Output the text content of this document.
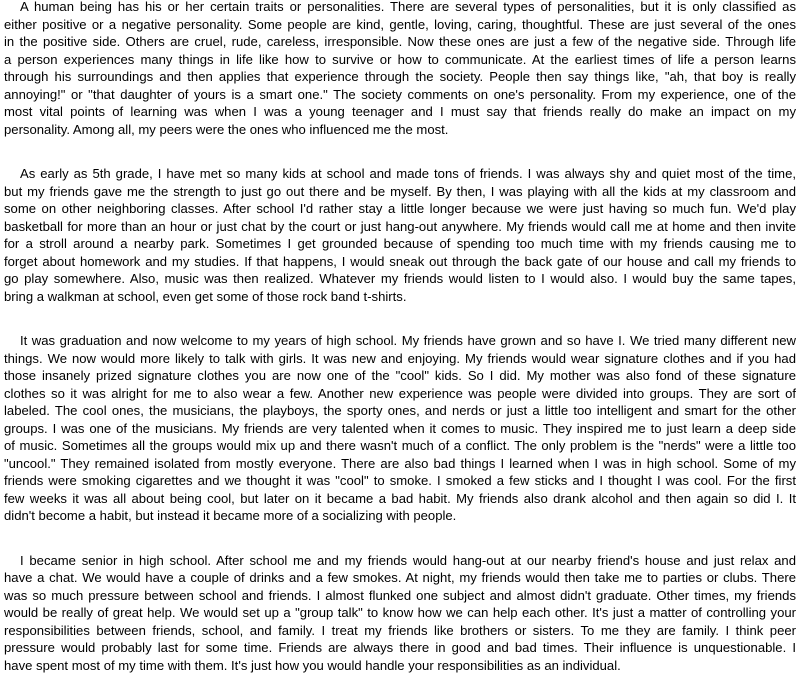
A human being has his or her certain traits or personalities. There are several types of personalities, but it is only classified as
either positive or a negative personality. Some people are kind, gentle, loving, caring, thoughtful. These are just several of the ones
in the positive side. Others are cruel, rude, careless, irresponsible. Now these ones are just a few of the negative side. Through life
a person experiences many things in life like how to survive or how to communicate. At the earliest times of life a person learns
through his surroundings and then applies that experience through the society. People then say things like, "ah, that boy is really
annoying!" or "that daughter of yours is a smart one." The society comments on one's personality. From my experience, one of the
most vital points of learning was when I was a young teenager and I must say that friends really do make an impact on my
personality. Among all, my peers were the ones who influenced me the most.
As early as 5th grade, I have met so many kids at school and made tons of friends. I was always shy and quiet most of the time,
but my friends gave me the strength to just go out there and be myself. By then, I was playing with all the kids at my classroom and
some on other neighboring classes. After school I'd rather stay a little longer because we were just having so much fun. We'd play
basketball for more than an hour or just chat by the court or just hang-out anywhere. My friends would call me at home and then invite
for a stroll around a nearby park. Sometimes I get grounded because of spending too much time with my friends causing me to
forget about homework and my studies. If that happens, I would sneak out through the back gate of our house and call my friends to
go play somewhere. Also, music was then realized. Whatever my friends would listen to I would also. I would buy the same tapes,
bring a walkman at school, even get some of those rock band t-shirts.
It was graduation and now welcome to my years of high school. My friends have grown and so have I. We tried many different new
things. We now would more likely to talk with girls. It was new and enjoying. My friends would wear signature clothes and if you had
those insanely prized signature clothes you are now one of the "cool" kids. So I did. My mother was also fond of these signature
clothes so it was alright for me to also wear a few. Another new experience was people were divided into groups. They are sort of
labeled. The cool ones, the musicians, the playboys, the sporty ones, and nerds or just a little too intelligent and smart for the other
groups. I was one of the musicians. My friends are very talented when it comes to music. They inspired me to just learn a deep side
of music. Sometimes all the groups would mix up and there wasn't much of a conflict. The only problem is the "nerds" were a little too
"uncool." They remained isolated from mostly everyone. There are also bad things I learned when I was in high school. Some of my
friends were smoking cigarettes and we thought it was "cool" to smoke. I smoked a few sticks and I thought I was cool. For the first
few weeks it was all about being cool, but later on it became a bad habit. My friends also drank alcohol and then again so did I. It
didn't become a habit, but instead it became more of a socializing with people.
I became senior in high school. After school me and my friends would hang-out at our nearby friend's house and just relax and
have a chat. We would have a couple of drinks and a few smokes. At night, my friends would then take me to parties or clubs. There
was so much pressure between school and friends. I almost flunked one subject and almost didn't graduate. Other times, my friends
would be really of great help. We would set up a "group talk" to know how we can help each other. It's just a matter of controlling your
responsibilities between friends, school, and family. I treat my friends like brothers or sisters. To me they are family. I think peer
pressure would probably last for some time. Friends are always there in good and bad times. Their influence is unquestionable. I
have spent most of my time with them. It's just how you would handle your responsibilities as an individual.
